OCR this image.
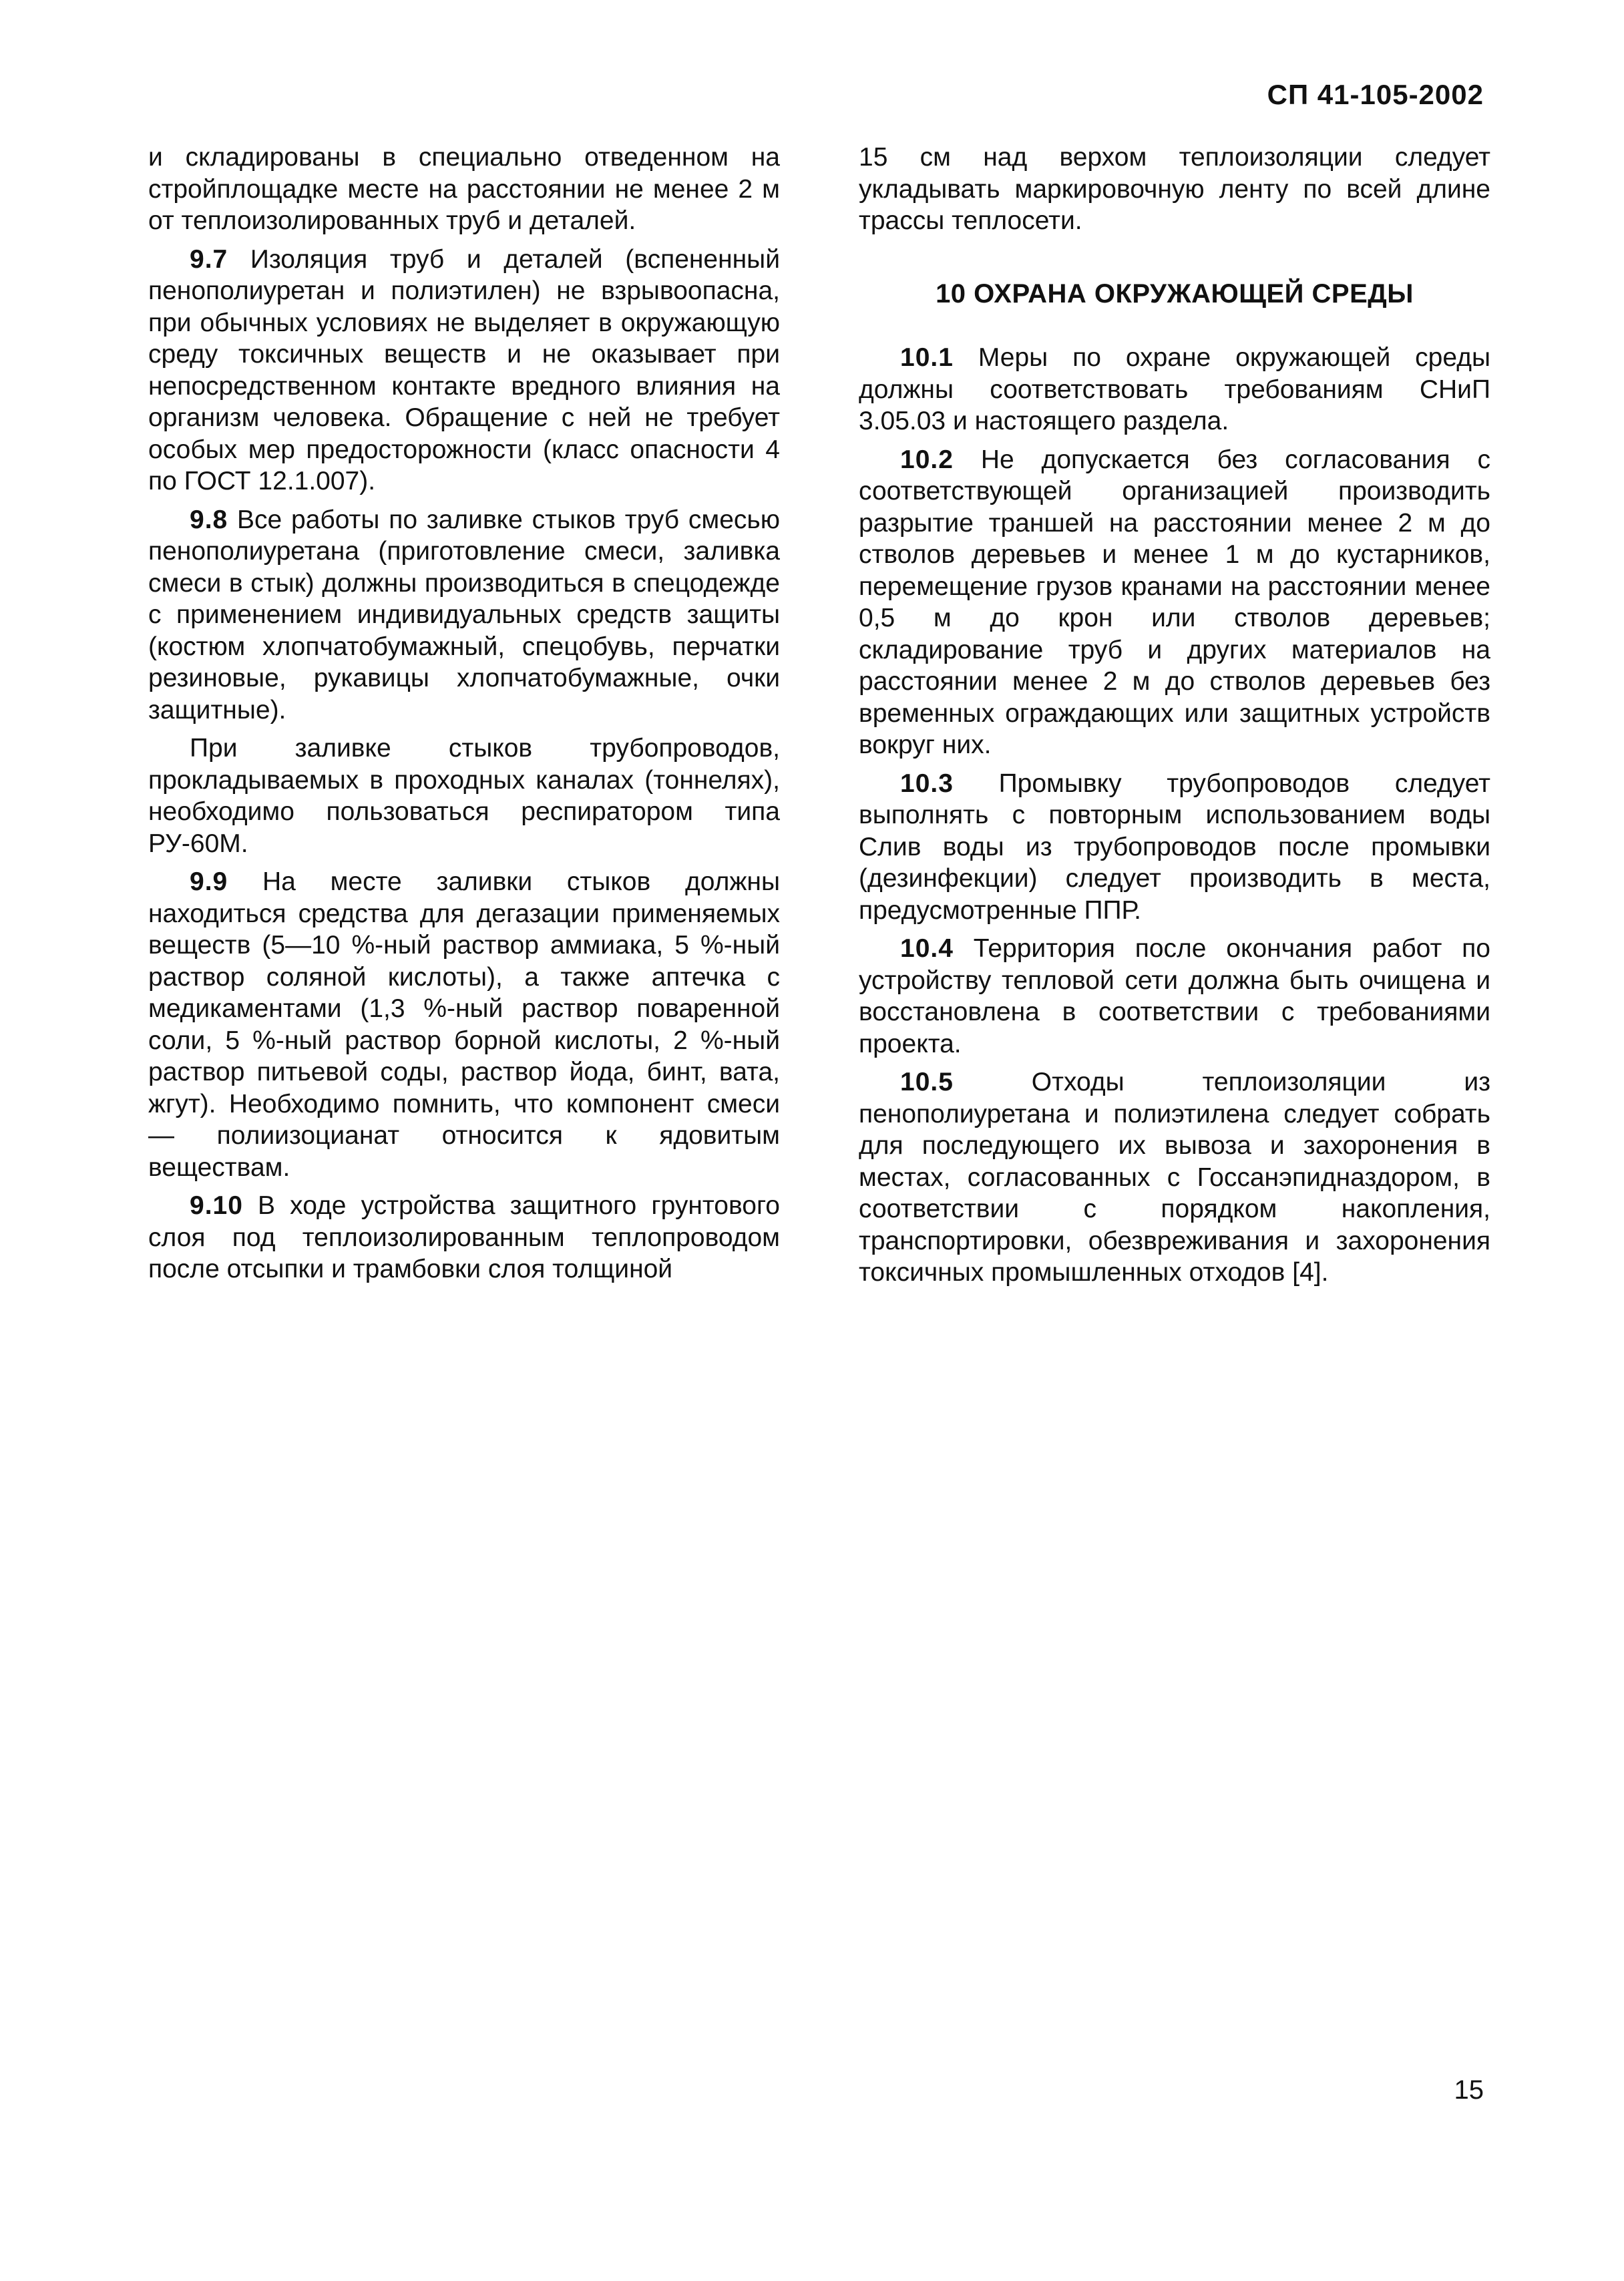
СП 41-105-2002

и складированы в специально отведенном на стройплощадке месте на расстоянии не менее 2 м от теплоизолированных труб и деталей.

9.7 Изоляция труб и деталей (вспененный пенополиуретан и полиэтилен) не взрывоопасна, при обычных условиях не выделяет в окружающую среду токсичных веществ и не оказывает при непосредственном контакте вредного влияния на организм человека. Обращение с ней не требует особых мер предосторожности (класс опасности 4 по ГОСТ 12.1.007).

9.8 Все работы по заливке стыков труб смесью пенополиуретана (приготовление смеси, заливка смеси в стык) должны производиться в спецодежде с применением индивидуальных средств защиты (костюм хлопчатобумажный, спецобувь, перчатки резиновые, рукавицы хлопчатобумажные, очки защитные).

При заливке стыков трубопроводов, прокладываемых в проходных каналах (тоннелях), необходимо пользоваться респиратором типа РУ-60М.

9.9 На месте заливки стыков должны находиться средства для дегазации применяемых веществ (5—10 %-ный раствор аммиака, 5 %-ный раствор соляной кислоты), а также аптечка с медикаментами (1,3 %-ный раствор поваренной соли, 5 %-ный раствор борной кислоты, 2 %-ный раствор питьевой соды, раствор йода, бинт, вата, жгут). Необходимо помнить, что компонент смеси — полиизоцианат относится к ядовитым веществам.

9.10 В ходе устройства защитного грунтового слоя под теплоизолированным теплопроводом после отсыпки и трамбовки слоя толщиной

15 см над верхом теплоизоляции следует укладывать маркировочную ленту по всей длине трассы теплосети.

10 ОХРАНА ОКРУЖАЮЩЕЙ СРЕДЫ

10.1 Меры по охране окружающей среды должны соответствовать требованиям СНиП 3.05.03 и настоящего раздела.

10.2 Не допускается без согласования с соответствующей организацией производить разрытие траншей на расстоянии менее 2 м до стволов деревьев и менее 1 м до кустарников, перемещение грузов кранами на расстоянии менее 0,5 м до крон или стволов деревьев; складирование труб и других материалов на расстоянии менее 2 м до стволов деревьев без временных ограждающих или защитных устройств вокруг них.

10.3 Промывку трубопроводов следует выполнять с повторным использованием воды Слив воды из трубопроводов после промывки (дезинфекции) следует производить в места, предусмотренные ППР.

10.4 Территория после окончания работ по устройству тепловой сети должна быть очищена и восстановлена в соответствии с требованиями проекта.

10.5	Отходы теплоизоляции из пенополиуретана и полиэтилена следует собрать для последующего их вывоза и захоронения в местах, согласованных с Госсанэпидназдором, в соответствии с порядком накопления, транспортировки, обезвреживания и захоронения токсичных промышленных отходов [4].

15
